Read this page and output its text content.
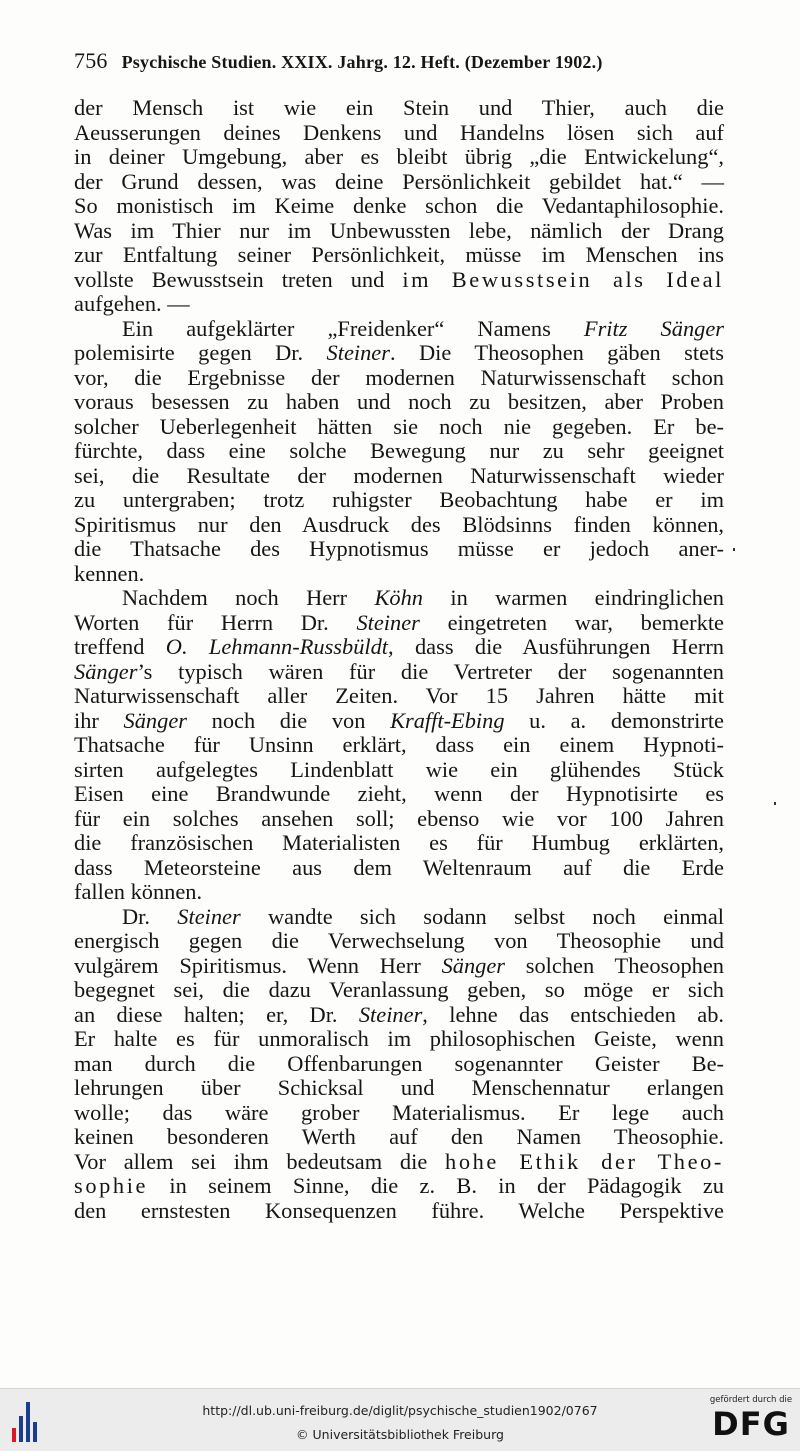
756 Psychische Studien. XXIX. Jahrg. 12. Heft. (Dezember 1902.)
der Mensch ist wie ein Stein und Thier, auch die
Aeusserungen deines Denkens und Handelns lösen sich auf
in deiner Umgebung, aber es bleibt übrig „die Entwickelung“,
der Grund dessen, was deine Persönlichkeit gebildet hat.“ —
So monistisch im Keime denke schon die Vedantaphilosophie.
Was im Thier nur im Unbewussten lebe, nämlich der Drang
zur Entfaltung seiner Persönlichkeit, müsse im Menschen ins
vollste Bewusstsein treten und im Bewusstsein als Ideal
aufgehen. —
Ein aufgeklärter „Freidenker“ Namens Fritz Sänger
polemisirte gegen Dr. Steiner. Die Theosophen gäben stets
vor, die Ergebnisse der modernen Naturwissenschaft schon
voraus besessen zu haben und noch zu besitzen, aber Proben
solcher Ueberlegenheit hätten sie noch nie gegeben. Er be-
fürchte, dass eine solche Bewegung nur zu sehr geeignet
sei, die Resultate der modernen Naturwissenschaft wieder
zu untergraben; trotz ruhigster Beobachtung habe er im
Spiritismus nur den Ausdruck des Blödsinns finden können,
die Thatsache des Hypnotismus müsse er jedoch aner-
kennen.
Nachdem noch Herr Köhn in warmen eindringlichen
Worten für Herrn Dr. Steiner eingetreten war, bemerkte
treffend O. Lehmann-Russbüldt, dass die Ausführungen Herrn
Sänger’s typisch wären für die Vertreter der sogenannten
Naturwissenschaft aller Zeiten. Vor 15 Jahren hätte mit
ihr Sänger noch die von Krafft-Ebing u. a. demonstrirte
Thatsache für Unsinn erklärt, dass ein einem Hypnoti-
sirten aufgelegtes Lindenblatt wie ein glühendes Stück
Eisen eine Brandwunde zieht, wenn der Hypnotisirte es
für ein solches ansehen soll; ebenso wie vor 100 Jahren
die französischen Materialisten es für Humbug erklärten,
dass Meteorsteine aus dem Weltenraum auf die Erde
fallen können.
Dr. Steiner wandte sich sodann selbst noch einmal
energisch gegen die Verwechselung von Theosophie und
vulgärem Spiritismus. Wenn Herr Sänger solchen Theosophen
begegnet sei, die dazu Veranlassung geben, so möge er sich
an diese halten; er, Dr. Steiner, lehne das entschieden ab.
Er halte es für unmoralisch im philosophischen Geiste, wenn
man durch die Offenbarungen sogenannter Geister Be-
lehrungen über Schicksal und Menschennatur erlangen
wolle; das wäre grober Materialismus. Er lege auch
keinen besonderen Werth auf den Namen Theosophie.
Vor allem sei ihm bedeutsam die hohe Ethik der Theo-
sophie in seinem Sinne, die z. B. in der Pädagogik zu
den ernstesten Konsequenzen führe. Welche Perspektive
http://dl.ub.uni-freiburg.de/diglit/psychische_studien1902/0767
© Universitätsbibliothek Freiburg
gefördert durch die
DFG
